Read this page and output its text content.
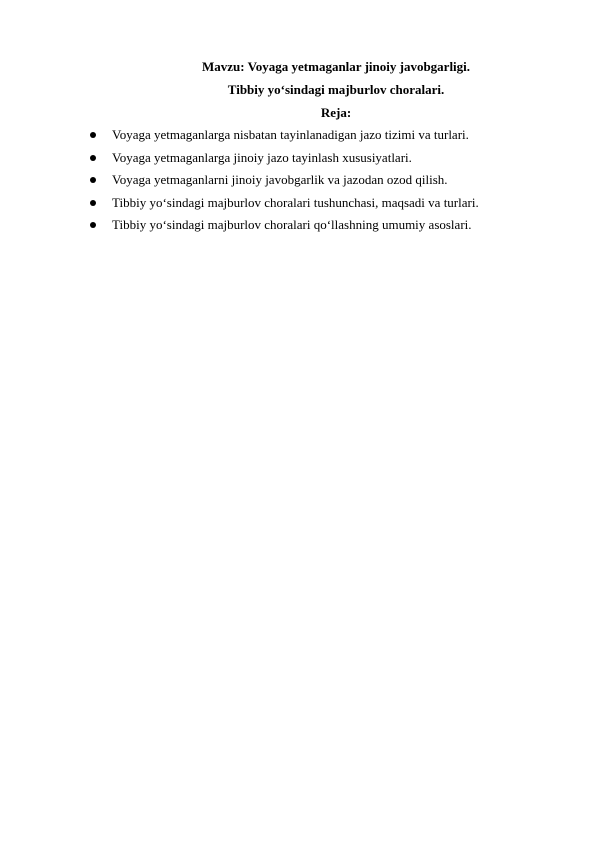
Mavzu: Voyaga yetmaganlar jinoiy javobgarligi.
Tibbiy yo‘sindagi majburlov choralari.
Reja:
Voyaga yetmaganlarga nisbatan tayinlanadigan jazo tizimi va turlari.
Voyaga yetmaganlarga jinoiy jazo tayinlash xususiyatlari.
Voyaga yetmaganlarni jinoiy javobgarlik va jazodan ozod qilish.
Tibbiy yo‘sindagi majburlov choralari tushunchasi, maqsadi va turlari.
Tibbiy yo‘sindagi majburlov choralari qo‘llashning umumiy asoslari.
